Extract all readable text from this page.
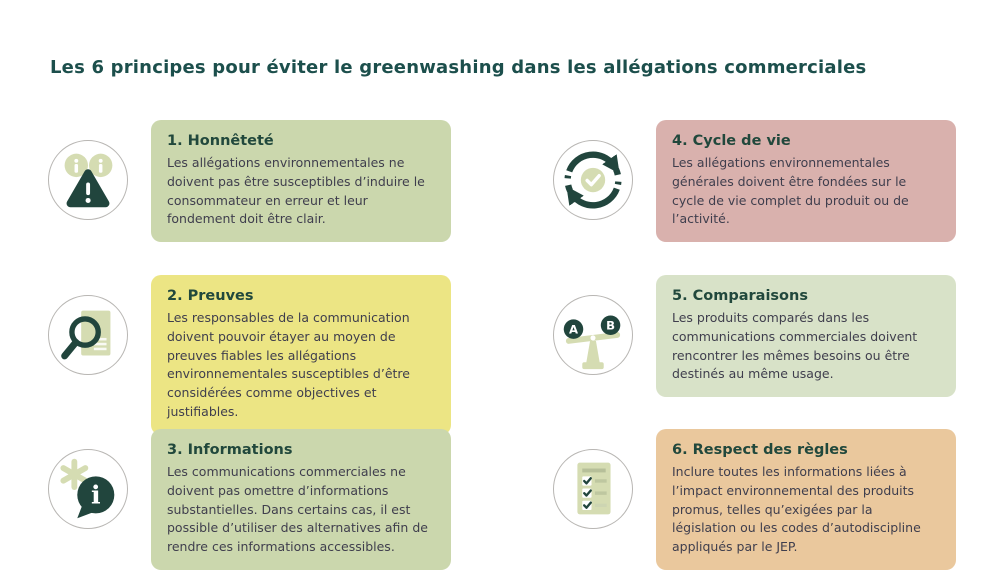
Les 6 principes pour éviter le greenwashing dans les allégations commerciales
1. Honnêteté

Les allégations environnementales ne doivent pas être susceptibles d’induire le consommateur en erreur et leur fondement doit être clair.

2. Preuves

Les responsables de la communication doivent pouvoir étayer au moyen de preuves fiables les allégations environnementales susceptibles d’être considérées comme objectives et justifiables.

i
3. Informations

Les communications commerciales ne doivent pas omettre d’informations substantielles. Dans certains cas, il est possible d’utiliser des alternatives afin de rendre ces informations accessibles.

4. Cycle de vie

Les allégations environnementales générales doivent être fondées sur le cycle de vie complet du produit ou de l’activité.

A B
5. Comparaisons

Les produits comparés dans les communications commerciales doivent rencontrer les mêmes besoins ou être destinés au même usage.

6. Respect des règles

Inclure toutes les informations liées à l’impact environnemental des produits promus, telles qu’exigées par la législation ou les codes d’autodiscipline appliqués par le JEP.
